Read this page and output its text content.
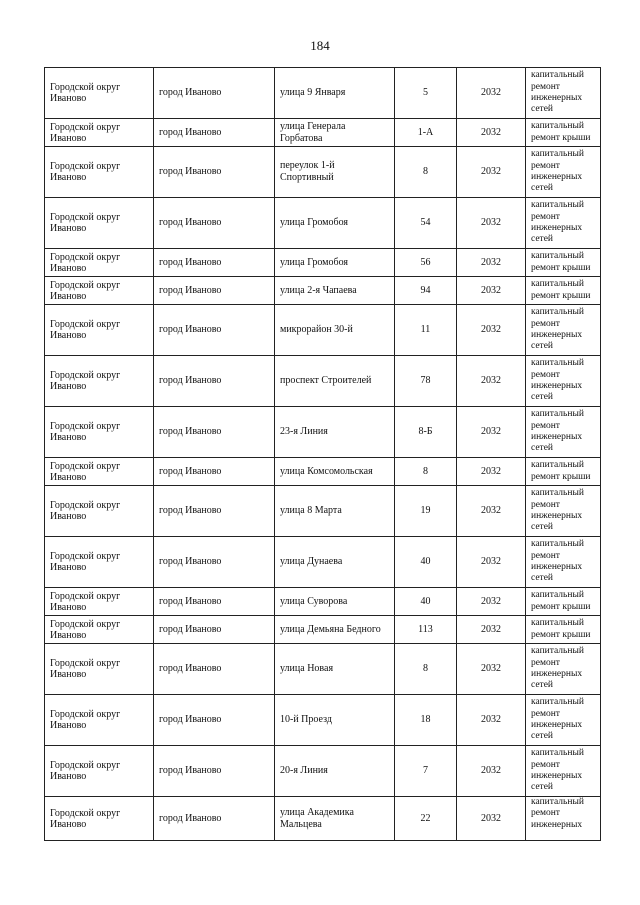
184
Городской округ Иваново	город Иваново	улица 9 Января	5	2032	капитальный ремонт инженерных сетей
Городской округ Иваново	город Иваново	улица Генерала Горбатова	1-А	2032	капитальный ремонт крыши
Городской округ Иваново	город Иваново	переулок 1-й Спортивный	8	2032	капитальный ремонт инженерных сетей
Городской округ Иваново	город Иваново	улица Громобоя	54	2032	капитальный ремонт инженерных сетей
Городской округ Иваново	город Иваново	улица Громобоя	56	2032	капитальный ремонт крыши
Городской округ Иваново	город Иваново	улица 2-я Чапаева	94	2032	капитальный ремонт крыши
Городской округ Иваново	город Иваново	микрорайон 30-й	11	2032	капитальный ремонт инженерных сетей
Городской округ Иваново	город Иваново	проспект Строителей	78	2032	капитальный ремонт инженерных сетей
Городской округ Иваново	город Иваново	23-я Линия	8-Б	2032	капитальный ремонт инженерных сетей
Городской округ Иваново	город Иваново	улица Комсомольская	8	2032	капитальный ремонт крыши
Городской округ Иваново	город Иваново	улица 8 Марта	19	2032	капитальный ремонт инженерных сетей
Городской округ Иваново	город Иваново	улица Дунаева	40	2032	капитальный ремонт инженерных сетей
Городской округ Иваново	город Иваново	улица Суворова	40	2032	капитальный ремонт крыши
Городской округ Иваново	город Иваново	улица Демьяна Бедного	113	2032	капитальный ремонт крыши
Городской округ Иваново	город Иваново	улица Новая	8	2032	капитальный ремонт инженерных сетей
Городской округ Иваново	город Иваново	10-й Проезд	18	2032	капитальный ремонт инженерных сетей
Городской округ Иваново	город Иваново	20-я Линия	7	2032	капитальный ремонт инженерных сетей
Городской округ Иваново	город Иваново	улица Академика Мальцева	22	2032	капитальный ремонт инженерных
